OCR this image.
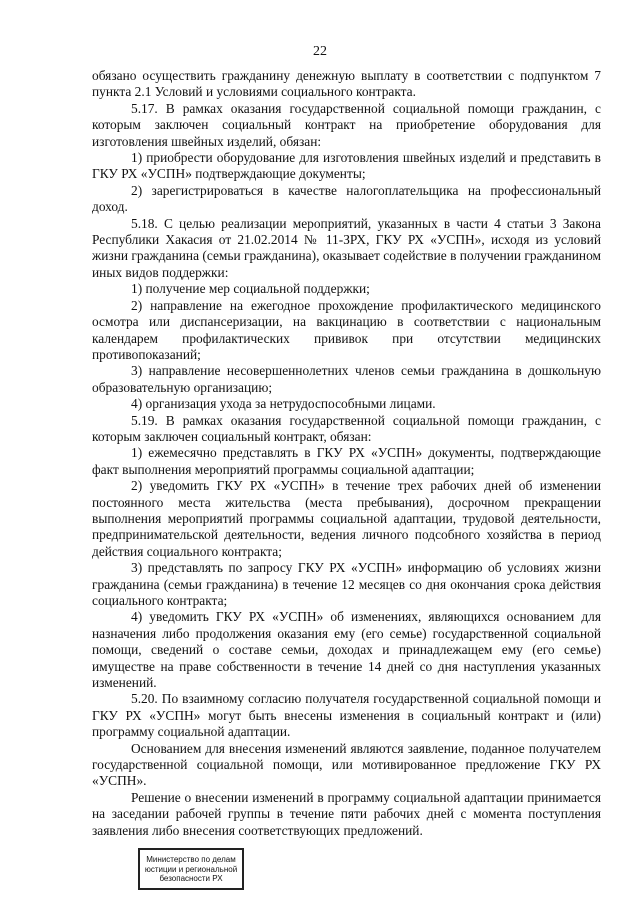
22

обязано осуществить гражданину денежную выплату в соответствии с подпунктом 7 пункта 2.1 Условий и условиями социального контракта.

5.17. В рамках оказания государственной социальной помощи гражданин, с которым заключен социальный контракт на приобретение оборудования для изготовления швейных изделий, обязан:

1) приобрести оборудование для изготовления швейных изделий и представить в ГКУ РХ «УСПН» подтверждающие документы;

2) зарегистрироваться в качестве налогоплательщика на профессиональный доход.

5.18. С целью реализации мероприятий, указанных в части 4 статьи 3 Закона Республики Хакасия от 21.02.2014 № 11-ЗРХ, ГКУ РХ «УСПН», исходя из условий жизни гражданина (семьи гражданина), оказывает содействие в получении гражданином иных видов поддержки:

1) получение мер социальной поддержки;

2) направление на ежегодное прохождение профилактического медицинского осмотра или диспансеризации, на вакцинацию в соответствии с национальным календарем профилактических прививок при отсутствии медицинских противопоказаний;

3) направление несовершеннолетних членов семьи гражданина в дошкольную образовательную организацию;

4) организация ухода за нетрудоспособными лицами.

5.19. В рамках оказания государственной социальной помощи гражданин, с которым заключен социальный контракт, обязан:

1) ежемесячно представлять в ГКУ РХ «УСПН» документы, подтверждающие факт выполнения мероприятий программы социальной адаптации;

2) уведомить ГКУ РХ «УСПН» в течение трех рабочих дней об изменении постоянного места жительства (места пребывания), досрочном прекращении выполнения мероприятий программы социальной адаптации, трудовой деятельности, предпринимательской деятельности, ведения личного подсобного хозяйства в период действия социального контракта;

3) представлять по запросу ГКУ РХ «УСПН» информацию об условиях жизни гражданина (семьи гражданина) в течение 12 месяцев со дня окончания срока действия социального контракта;

4) уведомить ГКУ РХ «УСПН» об изменениях, являющихся основанием для назначения либо продолжения оказания ему (его семье) государственной социальной помощи, сведений о составе семьи, доходах и принадлежащем ему (его семье) имуществе на праве собственности в течение 14 дней со дня наступления указанных изменений.

5.20. По взаимному согласию получателя государственной социальной помощи и ГКУ РХ «УСПН» могут быть внесены изменения в социальный контракт и (или) программу социальной адаптации.

Основанием для внесения изменений являются заявление, поданное получателем государственной социальной помощи, или мотивированное предложение ГКУ РХ «УСПН».

Решение о внесении изменений в программу социальной адаптации принимается на заседании рабочей группы в течение пяти рабочих дней с момента поступления заявления либо внесения соответствующих предложений.

Министерство по делам
юстиции и региональной
безопасности РХ
